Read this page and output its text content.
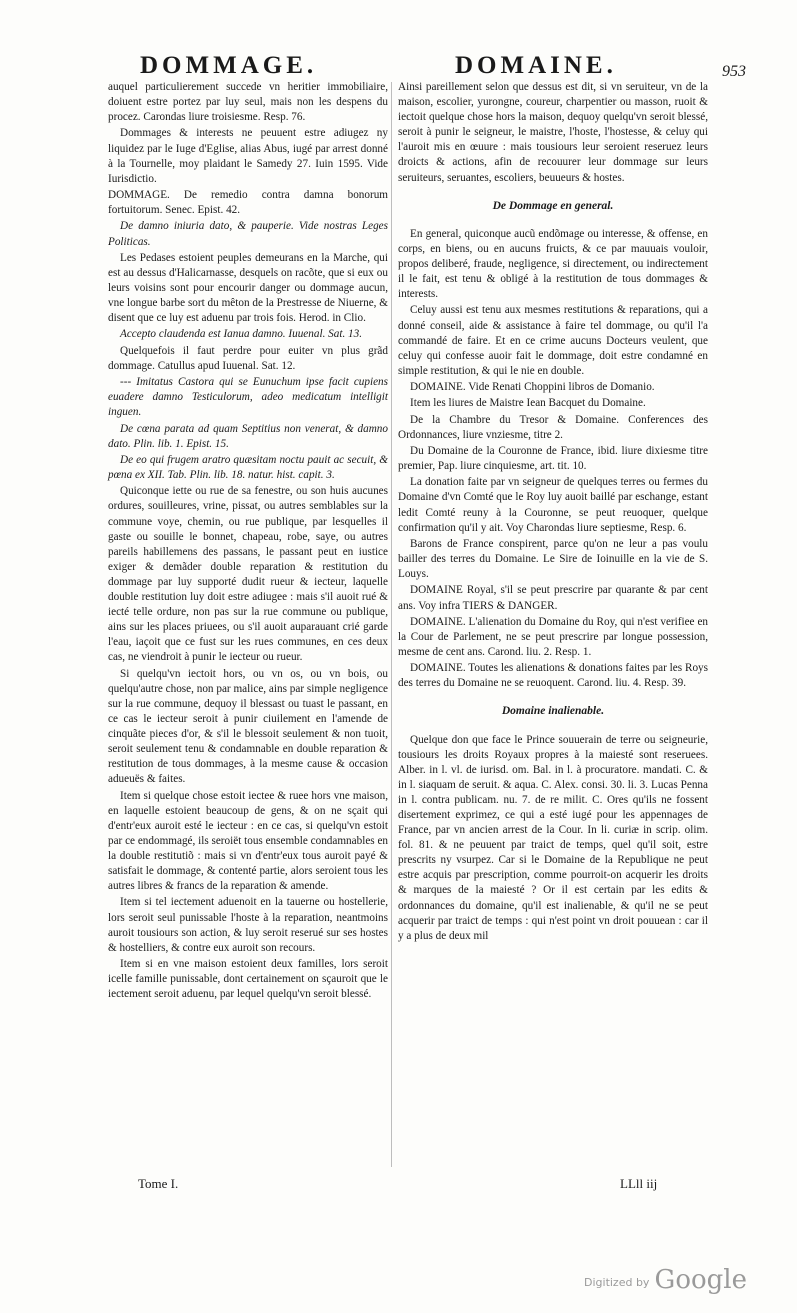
DOMMAGE.	DOMAINE.	953

auquel particulierement succede vn heritier immobiliaire, doiuent estre portez par luy seul, mais non les despens du procez. Carondas liure troisiesme. Resp. 76.

Dommages & interests ne peuuent estre adiugez ny liquidez par le Iuge d'Eglise, alias Abus, iugé par arrest donné à la Tournelle, moy plaidant le Samedy 27. Iuin 1595. Vide Iurisdictio.

DOMMAGE. De remedio contra damna bonorum fortuitorum. Senec. Epist. 42.

De damno iniuria dato, & pauperie. Vide nostras Leges Politicas.

Les Pedases estoient peuples demeurans en la Marche, qui est au dessus d'Halicarnasse, desquels on racõte, que si eux ou leurs voisins sont pour encourir danger ou dommage aucun, vne longue barbe sort du mêton de la Prestresse de Niuerne, & disent que ce luy est aduenu par trois fois. Herod. in Clio.

Accepto claudenda est Ianua damno. Iuuenal. Sat. 13.

Quelquefois il faut perdre pour euiter vn plus grãd dommage. Catullus apud Iuuenal. Sat. 12.

--- Imitatus Castora qui se Eunuchum ipse facit cupiens euadere damno Testiculorum, adeo medicatum intelligit inguen.

De cœna parata ad quam Septitius non venerat, & damno dato. Plin. lib. 1. Epist. 15.

De eo qui frugem aratro quæsitam noctu pauit ac secuit, & pœna ex XII. Tab. Plin. lib. 18. natur. hist. capit. 3.

Quiconque iette ou rue de sa fenestre, ou son huis aucunes ordures, souilleures, vrine, pissat, ou autres semblables sur la commune voye, chemin, ou rue publique, par lesquelles il gaste ou souille le bonnet, chapeau, robe, saye, ou autres pareils habillemens des passans, le passant peut en iustice exiger & demãder double reparation & restitution du dommage par luy supporté dudit rueur & iecteur, laquelle double restitution luy doit estre adiugee : mais s'il auoit rué & iecté telle ordure, non pas sur la rue commune ou publique, ains sur les places priuees, ou s'il auoit auparauant crié garde l'eau, iaçoit que ce fust sur les rues communes, en ces deux cas, ne viendroit à punir le iecteur ou rueur.

Si quelqu'vn iectoit hors, ou vn os, ou vn bois, ou quelqu'autre chose, non par malice, ains par simple negligence sur la rue commune, dequoy il blessast ou tuast le passant, en ce cas le iecteur seroit à punir ciuilement en l'amende de cinquãte pieces d'or, & s'il le blessoit seulement & non tuoit, seroit seulement tenu & condamnable en double reparation & restitution de tous dommages, à la mesme cause & occasion adueuës & faites.

Item si quelque chose estoit iectee & ruee hors vne maison, en laquelle estoient beaucoup de gens, & on ne sçait qui d'entr'eux auroit esté le iecteur : en ce cas, si quelqu'vn estoit par ce endommagé, ils seroiët tous ensemble condamnables en la double restitutiõ : mais si vn d'entr'eux tous auroit payé & satisfait le dommage, & contenté partie, alors seroient tous les autres libres & francs de la reparation & amende.

Item si tel iectement aduenoit en la tauerne ou hostellerie, lors seroit seul punissable l'hoste à la reparation, neantmoins auroit tousiours son action, & luy seroit reserué sur ses hostes & hostelliers, & contre eux auroit son recours.

Item si en vne maison estoient deux familles, lors seroit icelle famille punissable, dont certainement on sçauroit que le iectement seroit aduenu, par lequel quelqu'vn seroit blessé.

Ainsi pareillement selon que dessus est dit, si vn seruiteur, vn de la maison, escolier, yurongne, coureur, charpentier ou masson, ruoit & iectoit quelque chose hors la maison, dequoy quelqu'vn seroit blessé, seroit à punir le seigneur, le maistre, l'hoste, l'hostesse, & celuy qui l'auroit mis en œuure : mais tousiours leur seroient reseruez leurs droicts & actions, afin de recouurer leur dommage sur leurs seruiteurs, seruantes, escoliers, beuueurs & hostes.

De Dommage en general.

En general, quiconque aucũ endõmage ou interesse, & offense, en corps, en biens, ou en aucuns fruicts, & ce par mauuais vouloir, propos deliberé, fraude, negligence, si directement, ou indirectement il le fait, est tenu & obligé à la restitution de tous dommages & interests.

Celuy aussi est tenu aux mesmes restitutions & reparations, qui a donné conseil, aide & assistance à faire tel dommage, ou qu'il l'a commandé de faire. Et en ce crime aucuns Docteurs veulent, que celuy qui confesse auoir fait le dommage, doit estre condamné en simple restitution, & qui le nie en double.

DOMAINE. Vide Renati Choppini libros de Domanio.

Item les liures de Maistre Iean Bacquet du Domaine.

De la Chambre du Tresor & Domaine. Conferences des Ordonnances, liure vnziesme, titre 2.

Du Domaine de la Couronne de France, ibid. liure dixiesme titre premier, Pap. liure cinquiesme, art. tit. 10.

La donation faite par vn seigneur de quelques terres ou fermes du Domaine d'vn Comté que le Roy luy auoit baillé par eschange, estant ledit Comté reuny à la Couronne, se peut reuoquer, quelque confirmation qu'il y ait. Voy Charondas liure septiesme, Resp. 6.

Barons de France conspirent, parce qu'on ne leur a pas voulu bailler des terres du Domaine. Le Sire de Ioinuille en la vie de S. Louys.

DOMAINE Royal, s'il se peut prescrire par quarante & par cent ans. Voy infra TIERS & DANGER.

DOMAINE. L'alienation du Domaine du Roy, qui n'est verifiee en la Cour de Parlement, ne se peut prescrire par longue possession, mesme de cent ans. Carond. liu. 2. Resp. 1.

DOMAINE. Toutes les alienations & donations faites par les Roys des terres du Domaine ne se reuoquent. Carond. liu. 4. Resp. 39.

Domaine inalienable.

Quelque don que face le Prince souuerain de terre ou seigneurie, tousiours les droits Royaux propres à la maiesté sont reseruees. Alber. in l. vl. de iurisd. om. Bal. in l. à procuratore. mandati. C. & in l. siaquam de seruit. & aqua. C. Alex. consi. 30. li. 3. Lucas Penna in l. contra publicam. nu. 7. de re milit. C. Ores qu'ils ne fossent disertement exprimez, ce qui a esté iugé pour les appennages de France, par vn ancien arrest de la Cour. In li. curiæ in scrip. olim. fol. 81. & ne peuuent par traict de temps, quel qu'il soit, estre prescrits ny vsurpez. Car si le Domaine de la Republique ne peut estre acquis par prescription, comme pourroit-on acquerir les droits & marques de la maiesté ? Or il est certain par les edits & ordonnances du domaine, qu'il est inalienable, & qu'il ne se peut acquerir par traict de temps : qui n'est point vn droit pouuean : car il y a plus de deux mil

Tome I.	LLll iij
Digitized by Google
